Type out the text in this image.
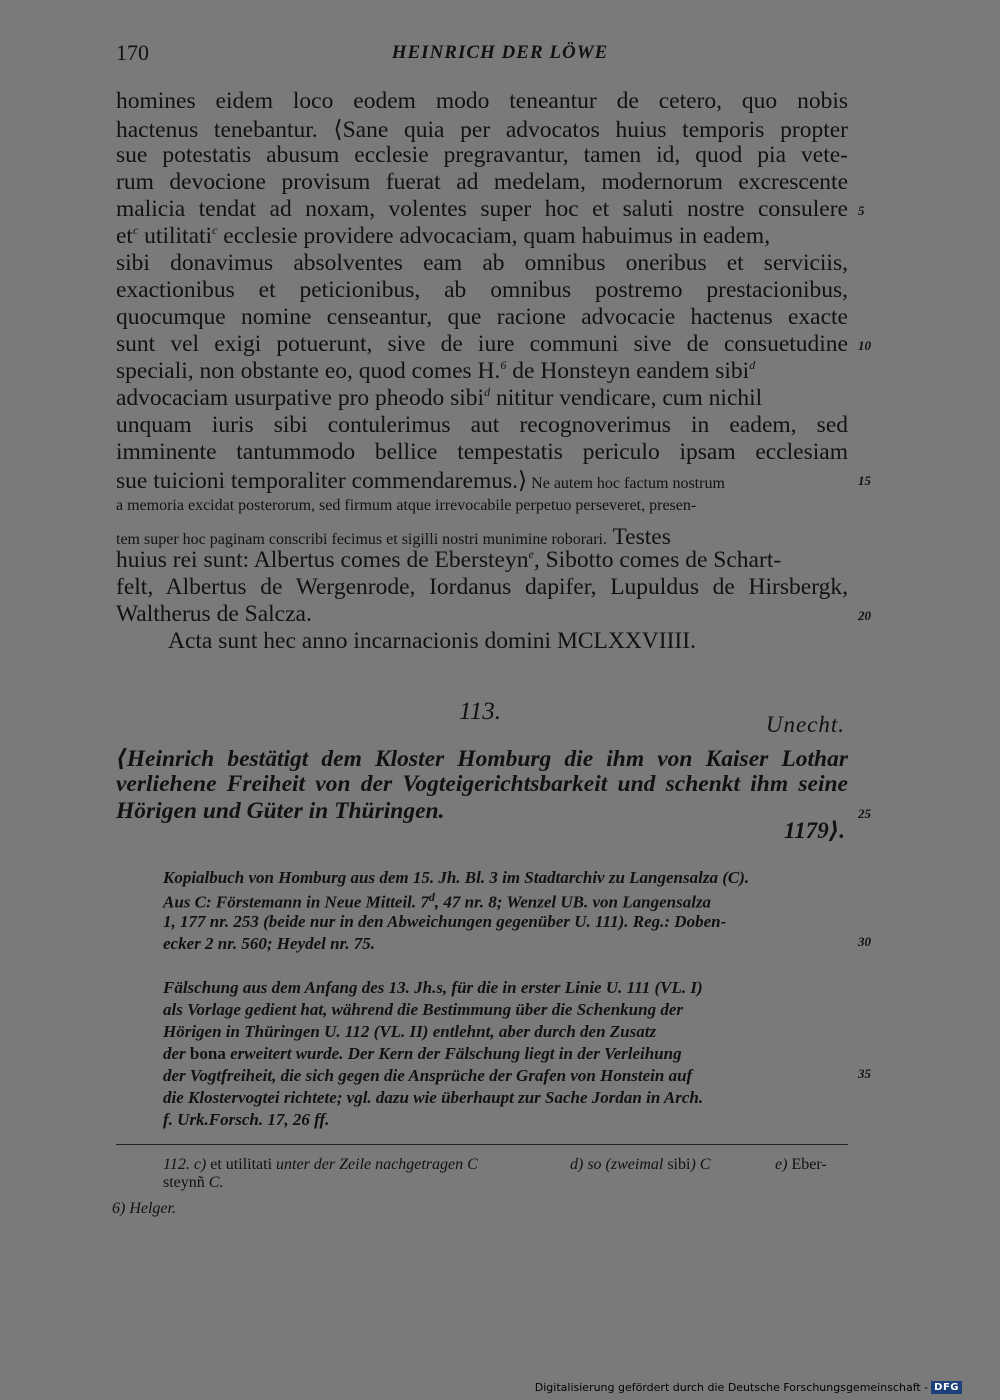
170	HEINRICH DER LÖWE
homines eidem loco eodem modo teneantur de cetero, quo nobis
hactenus tenebantur. ⟨Sane quia per advocatos huius temporis propter
sue potestatis abusum ecclesie pregravantur, tamen id, quod pia vete-
rum devocione provisum fuerat ad medelam, modernorum excrescente
malicia tendat ad noxam, volentes super hoc et saluti nostre consulere
$et^c$ utilitati$^c$ ecclesie providere advocaciam, quam habuimus in eadem,
sibi donavimus absolventes eam ab omnibus oneribus et serviciis,
exactionibus et peticionibus, ab omnibus postremo prestacionibus,
quocumque nomine censeantur, que racione advocacie hactenus exacte
sunt vel exigi potuerunt, sive de iure communi sive de consuetudine
speciali, non obstante eo, quod comes H.$^6$ de Honsteyn eandem sibi$^d$
advocaciam usurpative pro pheodo sibi$^d$ nititur vendicare, cum nichil
unquam iuris sibi contulerimus aut recognoverimus in eadem, sed
imminente tantummodo bellice tempestatis periculo ipsam ecclesiam
sue tuicioni temporaliter commendaremus.⟩ Ne autem hoc factum nostrum
a memoria excidat posterorum, sed firmum atque irrevocabile perpetuo perseveret, presen-
tem super hoc paginam conscribi fecimus et sigilli nostri munimine roborari. Testes
huius rei sunt: Albertus comes de Ebersteyn$^e$, Sibotto comes de Schart-
felt, Albertus de Wergenrode, Iordanus dapifer, Lupuldus de Hirsbergk,
Waltherus de Salcza.
Acta sunt hec anno incarnacionis domini MCLXXVIIII.
5
10
15
20
25
30
35
113.	Unecht.
⟨Heinrich bestätigt dem Kloster Homburg die ihm von Kaiser Lothar
verliehene Freiheit von der Vogteigerichtsbarkeit und schenkt ihm seine
Hörigen und Güter in Thüringen.
1179⟩.
Kopialbuch von Homburg aus dem 15. Jh. Bl. 3 im Stadtarchiv zu Langensalza (C).
Aus C: Förstemann in Neue Mitteil. 7$^d$, 47 nr. 8; Wenzel UB. von Langensalza
1, 177 nr. 253 (beide nur in den Abweichungen gegenüber U. 111). Reg.: Doben-
ecker 2 nr. 560; Heydel nr. 75.
Fälschung aus dem Anfang des 13. Jh.s, für die in erster Linie U. 111 (VL. I)
als Vorlage gedient hat, während die Bestimmung über die Schenkung der
Hörigen in Thüringen U. 112 (VL. II) entlehnt, aber durch den Zusatz
der bona erweitert wurde. Der Kern der Fälschung liegt in der Verleihung
der Vogtfreiheit, die sich gegen die Ansprüche der Grafen von Honstein auf
die Klostervogtei richtete; vgl. dazu wie überhaupt zur Sache Jordan in Arch.
f. Urk.Forsch. 17, 26 ff.
112. c) et utilitati unter der Zeile nachgetragen C	d) so (zweimal sibi) C	e) Eber-
steynñ C.
6) Helger.
Digitalisierung gefördert durch die Deutsche Forschungsgemeinschaft - DFG
